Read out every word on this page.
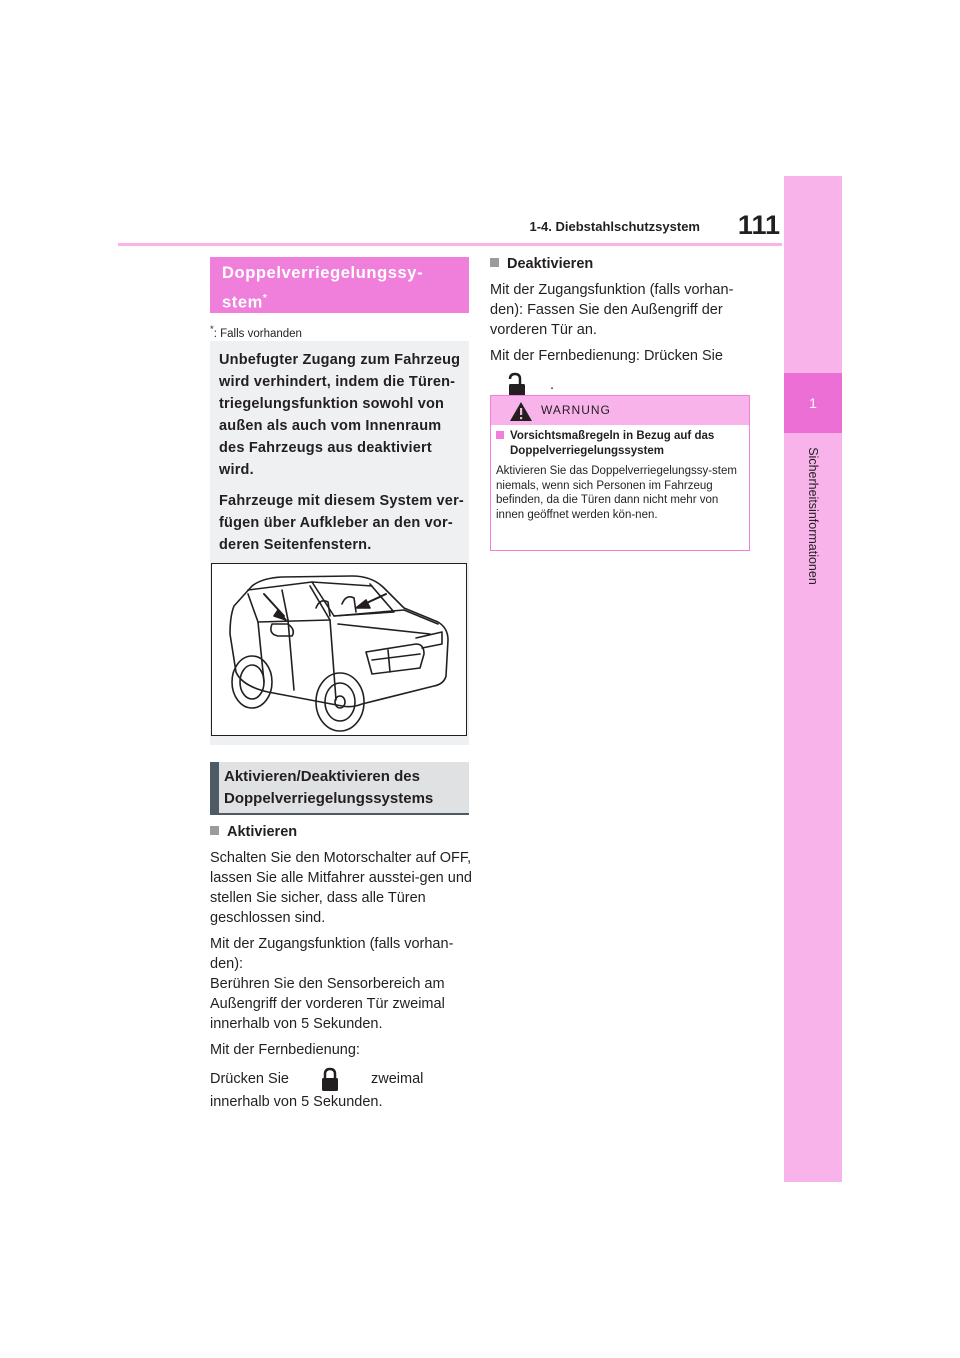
1-4. Diebstahlschutzsystem	111
1
Sicherheitsinformationen
Doppelverriegelungssy-stem*
*: Falls vorhanden

Unbefugter Zugang zum Fahrzeug wird verhindert, indem die Türen-triegelungsfunktion sowohl von außen als auch vom Innenraum des Fahrzeugs aus deaktiviert wird.

Fahrzeuge mit diesem System ver-fügen über Aufkleber an den vor-deren Seitenfenstern.

Aktivieren/Deaktivieren des Doppelverriegelungssystems

Aktivieren

Schalten Sie den Motorschalter auf OFF, lassen Sie alle Mitfahrer ausstei-gen und stellen Sie sicher, dass alle Türen geschlossen sind.

Mit der Zugangsfunktion (falls vorhan-den):
Berühren Sie den Sensorbereich am Außengriff der vorderen Tür zweimal innerhalb von 5 Sekunden.

Mit der Fernbedienung:

Drücken Sie	zweimal innerhalb von 5 Sekunden.

Deaktivieren

Mit der Zugangsfunktion (falls vorhan-den): Fassen Sie den Außengriff der vorderen Tür an.

Mit der Fernbedienung: Drücken Sie

.

WARNUNG
Vorsichtsmaßregeln in Bezug auf das Doppelverriegelungssystem
Aktivieren Sie das Doppelverriegelungssy-stem niemals, wenn sich Personen im Fahrzeug befinden, da die Türen dann nicht mehr von innen geöffnet werden kön-nen.
